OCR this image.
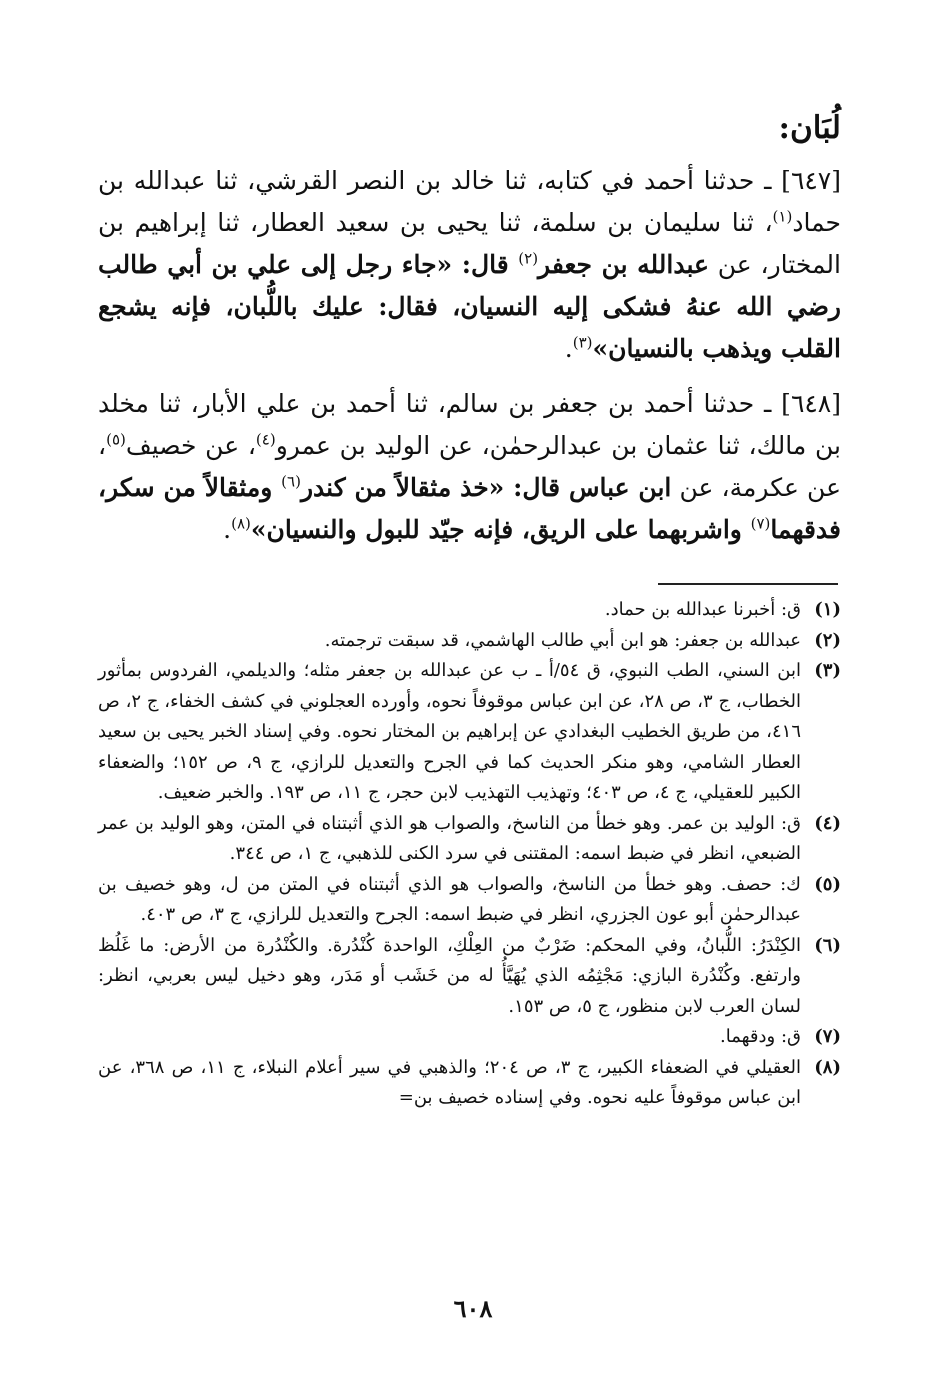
لُبَان:
[٦٤٧] ـ حدثنا أحمد في كتابه، ثنا خالد بن النصر القرشي، ثنا عبدالله بن حماد$^{(١)}$، ثنا سليمان بن سلمة، ثنا يحيى بن سعيد العطار، ثنا إبراهيم بن المختار، عن عبدالله بن جعفر$^{(٢)}$ قال: «جاء رجل إلى علي بن أبي طالب رضي الله عنهُ فشكى إليه النسيان، فقال: عليك باللُّبان، فإنه يشجع القلب ويذهب بالنسيان»$^{(٣)}$.
[٦٤٨] ـ حدثنا أحمد بن جعفر بن سالم، ثنا أحمد بن علي الأبار، ثنا مخلد بن مالك، ثنا عثمان بن عبدالرحمٰن، عن الوليد بن عمرو$^{(٤)}$، عن خصيف$^{(٥)}$، عن عكرمة، عن ابن عباس قال: «خذ مثقالاً من كندر$^{(٦)}$ ومثقالاً من سكر، فدقهما$^{(٧)}$ واشربهما على الريق، فإنه جيّد للبول والنسيان»$^{(٨)}$.
(١)
ق: أخبرنا عبدالله بن حماد.
(٢)
عبدالله بن جعفر: هو ابن أبي طالب الهاشمي، قد سبقت ترجمته.
(٣)
ابن السني، الطب النبوي، ق ٥٤/أ ـ ب عن عبدالله بن جعفر مثله؛ والديلمي، الفردوس بمأثور الخطاب، ج ٣، ص ٢٨، عن ابن عباس موقوفاً نحوه، وأورده العجلوني في كشف الخفاء، ج ٢، ص ٤١٦، من طريق الخطيب البغدادي عن إبراهيم بن المختار نحوه. وفي إسناد الخبر يحيى بن سعيد العطار الشامي، وهو منكر الحديث كما في الجرح والتعديل للرازي، ج ٩، ص ١٥٢؛ والضعفاء الكبير للعقيلي، ج ٤، ص ٤٠٣؛ وتهذيب التهذيب لابن حجر، ج ١١، ص ١٩٣. والخبر ضعيف.
(٤)
ق: الوليد بن عمر. وهو خطأ من الناسخ، والصواب هو الذي أثبتناه في المتن، وهو الوليد بن عمر الضبعي، انظر في ضبط اسمه: المقتنى في سرد الكنى للذهبي، ج ١، ص ٣٤٤.
(٥)
ك: حصف. وهو خطأ من الناسخ، والصواب هو الذي أثبتناه في المتن من ل، وهو خصيف بن عبدالرحمٰن أبو عون الجزري، انظر في ضبط اسمه: الجرح والتعديل للرازي، ج ٣، ص ٤٠٣.
(٦)
الكِنْدَرُ: اللُّبانُ، وفي المحكم: ضَرْبٌ من العِلْكِ، الواحدة كُنْدُرة. والكُنْدُرة من الأرض: ما غَلُظ وارتفع. وكُنْدُرة البازي: مَجْثِمُه الذي يُهَيَّأُ له من خَشَب أو مَدَر، وهو دخيل ليس بعربي، انظر: لسان العرب لابن منظور، ج ٥، ص ١٥٣.
(٧)
ق: ودقهما.
(٨)
العقيلي في الضعفاء الكبير، ج ٣، ص ٢٠٤؛ والذهبي في سير أعلام النبلاء، ج ١١، ص ٣٦٨، عن ابن عباس موقوفاً عليه نحوه. وفي إسناده خصيف بن=
٦٠٨
